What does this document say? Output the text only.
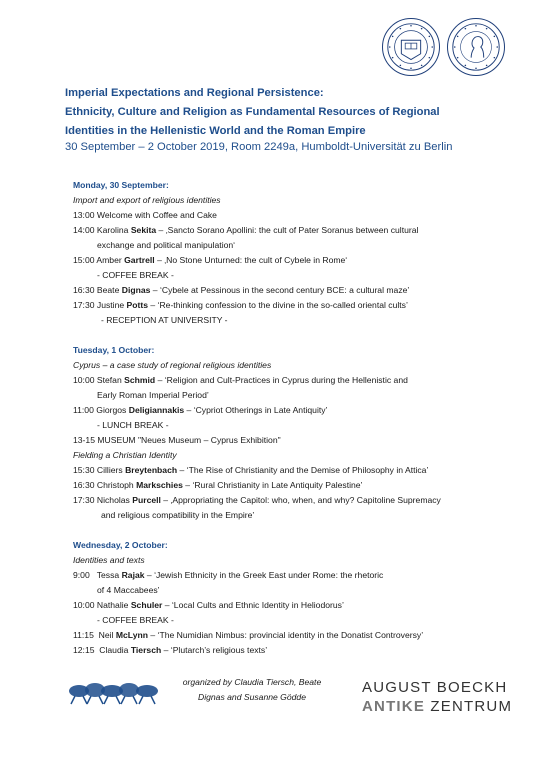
Imperial Expectations and Regional Persistence:
Ethnicity, Culture and Religion as Fundamental Resources of Regional
Identities in the Hellenistic World and the Roman Empire
30 September – 2 October 2019, Room 2249a, Humboldt-Universität zu Berlin
Monday, 30 September:
Import and export of religious identities
13:00 Welcome with Coffee and Cake
14:00 Karolina Sekita – ‚Sancto Sorano Apollini: the cult of Pater Soranus between cultural
exchange and political manipulation‘
15:00 Amber Gartrell – ‚No Stone Unturned: the cult of Cybele in Rome‘
- COFFEE BREAK -
16:30 Beate Dignas – ‘Cybele at Pessinous in the second century BCE: a cultural maze’
17:30 Justine Potts – ‘Re-thinking confession to the divine in the so-called oriental cults’
- RECEPTION AT UNIVERSITY -
Tuesday, 1 October:
Cyprus – a case study of regional religious identities
10:00 Stefan Schmid – ‘Religion and Cult-Practices in Cyprus during the Hellenistic and
Early Roman Imperial Period’
11:00 Giorgos Deligiannakis – ‘Cypriot Otherings in Late Antiquity’
- LUNCH BREAK -
13-15 MUSEUM "Neues Museum – Cyprus Exhibition"
Fielding a Christian Identity
15:30 Cilliers Breytenbach – ‘The Rise of Christianity and the Demise of Philosophy in Attica’
16:30 Christoph Markschies – ‘Rural Christianity in Late Antiquity Palestine’
17:30 Nicholas Purcell – ‚Appropriating the Capitol: who, when, and why? Capitoline Supremacy
and religious compatibility in the Empire’
Wednesday, 2 October:
Identities and texts
9:00   Tessa Rajak – ‘Jewish Ethnicity in the Greek East under Rome: the rhetoric
of 4 Maccabees’
10:00 Nathalie Schuler – ‘Local Cults and Ethnic Identity in Heliodorus’
- COFFEE BREAK -
11:15  Neil McLynn – ‘The Numidian Nimbus: provincial identity in the Donatist Controversy’
12:15  Claudia Tiersch – ‘Plutarch’s religious texts’
organized by Claudia Tiersch, Beate
Dignas and Susanne Gödde
AUGUST BOECKH
ANTIKE ZENTRUM
